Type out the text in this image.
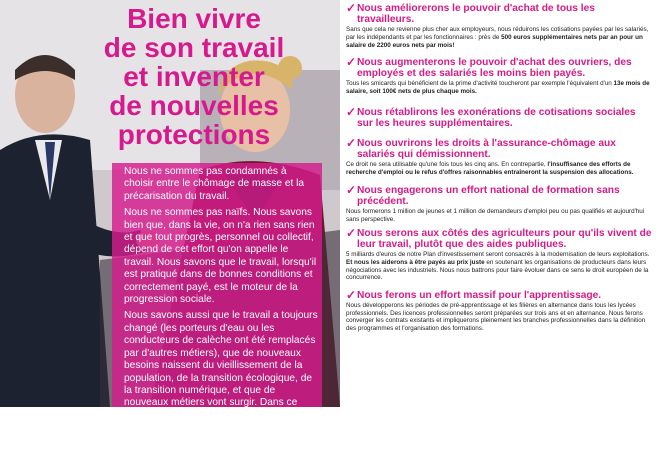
Bien vivre
de son travail
et inventer
de nouvelles
protections

Nous ne sommes pas condamnés à choisir entre le chômage de masse et la précarisation du travail.

Nous ne sommes pas naïfs. Nous savons bien que, dans la vie, on n'a rien sans rien et que tout progrès, personnel ou collectif, dépend de cet effort qu'on appelle le travail. Nous savons que le travail, lorsqu'il est pratiqué dans de bonnes conditions et correctement payé, est le moteur de la progression sociale.

Nous savons aussi que le travail a toujours changé (les porteurs d'eau ou les conducteurs de calèche ont été remplacés par d'autres métiers), que de nouveaux besoins naissent du vieillissement de la population, de la transition écologique, de la transition numérique, et que de nouveaux métiers vont surgir. Dans ce monde nouveau, chacun doit trouver sa place. Et la France a toute la sienne, si elle sait tout à la fois libérer les initiatives et protéger les personnes.

✓ Nous améliorerons le pouvoir d'achat de tous les travailleurs.

Sans que cela ne revienne plus cher aux employeurs, nous réduirons les cotisations payées par les salariés, par les indépendants et par les fonctionnaires : près de 500 euros supplémentaires nets par an pour un salaire de 2200 euros nets par mois!

✓ Nous augmenterons le pouvoir d'achat des ouvriers, des employés et des salariés les moins bien payés.

Tous les smicards qui bénéficient de la prime d'activité toucheront par exemple l'équivalent d'un 13e mois de salaire, soit 100€ nets de plus chaque mois.

✓ Nous rétablirons les exonérations de cotisations sociales sur les heures supplémentaires.
✓ Nous ouvrirons les droits à l'assurance-chômage aux salariés qui démissionnent.

Ce droit ne sera utilisable qu'une fois tous les cinq ans. En contrepartie, l'insuffisance des efforts de recherche d'emploi ou le refus d'offres raisonnables entraîneront la suspension des allocations.

✓ Nous engagerons un effort national de formation sans précédent.

Nous formerons 1 million de jeunes et 1 million de demandeurs d'emploi peu ou pas qualifiés et aujourd'hui sans perspective.

✓ Nous serons aux côtés des agriculteurs pour qu'ils vivent de leur travail, plutôt que des aides publiques.

5 milliards d'euros de notre Plan d'investissement seront consacrés à la modernisation de leurs exploitations. Et nous les aiderons à être payés au prix juste en soutenant les organisations de producteurs dans leurs négociations avec les industriels. Nous nous battrons pour faire évoluer dans ce sens le droit européen de la concurrence.

✓ Nous ferons un effort massif pour l'apprentissage.

Nous développerons les périodes de pré-apprentissage et les filières en alternance dans tous les lycées professionnels. Des licences professionnelles seront préparées sur trois ans et en alternance. Nous ferons converger les contrats existants et impliquerons pleinement les branches professionnelles dans la définition des programmes et l'organisation des formations.
